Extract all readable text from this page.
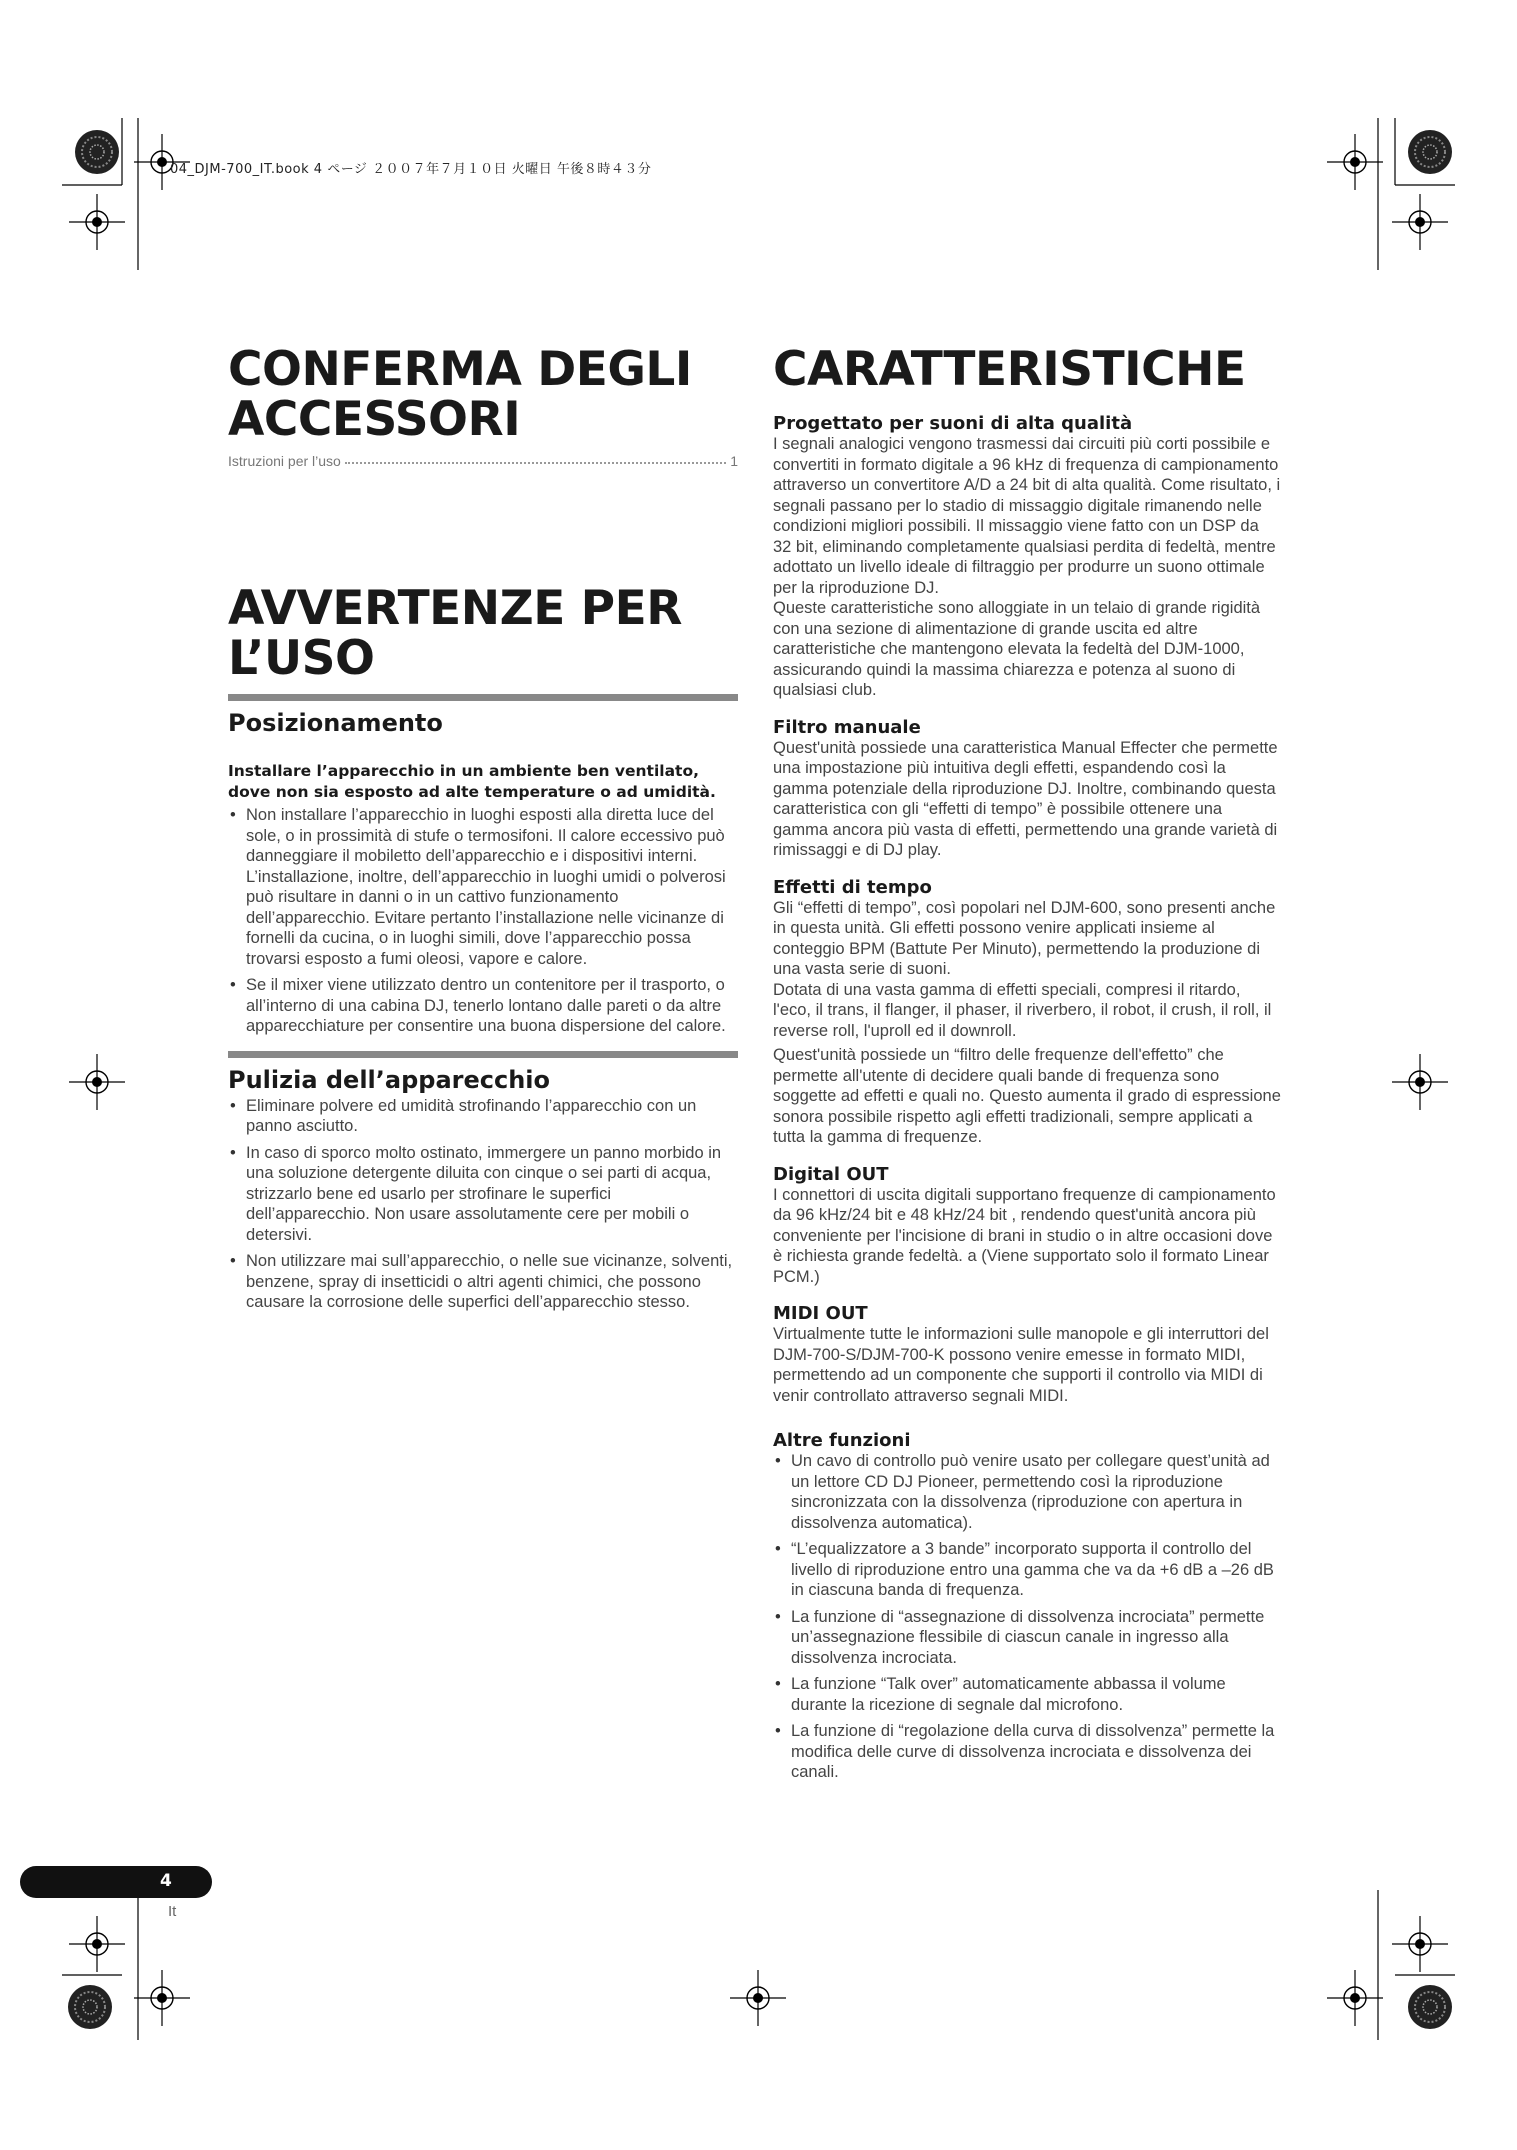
04_DJM-700_IT.book 4 ページ ２００７年７月１０日 火曜日 午後８時４３分
CONFERMA DEGLI ACCESSORI
Istruzioni per l’uso	1
AVVERTENZE PER L’USO
Posizionamento
Installare l’apparecchio in un ambiente ben ventilato, dove non sia esposto ad alte temperature o ad umidità.
• Non installare l’apparecchio in luoghi esposti alla diretta luce del sole, o in prossimità di stufe o termosifoni. Il calore eccessivo può danneggiare il mobiletto dell’apparecchio e i dispositivi interni. L’installazione, inoltre, dell’apparecchio in luoghi umidi o polverosi può risultare in danni o in un cattivo funzionamento dell’apparecchio. Evitare pertanto l’installazione nelle vicinanze di fornelli da cucina, o in luoghi simili, dove l’apparecchio possa trovarsi esposto a fumi oleosi, vapore e calore.
• Se il mixer viene utilizzato dentro un contenitore per il trasporto, o all’interno di una cabina DJ, tenerlo lontano dalle pareti o da altre apparecchiature per consentire una buona dispersione del calore.
Pulizia dell’apparecchio
• Eliminare polvere ed umidità strofinando l’apparecchio con un panno asciutto.
• In caso di sporco molto ostinato, immergere un panno morbido in una soluzione detergente diluita con cinque o sei parti di acqua, strizzarlo bene ed usarlo per strofinare le superfici dell’apparecchio. Non usare assolutamente cere per mobili o detersivi.
• Non utilizzare mai sull’apparecchio, o nelle sue vicinanze, solventi, benzene, spray di insetticidi o altri agenti chimici, che possono causare la corrosione delle superfici dell’apparecchio stesso.
CARATTERISTICHE
Progettato per suoni di alta qualità

I segnali analogici vengono trasmessi dai circuiti più corti possibile e convertiti in formato digitale a 96 kHz di frequenza di campionamento attraverso un convertitore A/D a 24 bit di alta qualità. Come risultato, i segnali passano per lo stadio di missaggio digitale rimanendo nelle condizioni migliori possibili. Il missaggio viene fatto con un DSP da 32 bit, eliminando completamente qualsiasi perdita di fedeltà, mentre adottato un livello ideale di filtraggio per produrre un suono ottimale per la riproduzione DJ.

Queste caratteristiche sono alloggiate in un telaio di grande rigidità con una sezione di alimentazione di grande uscita ed altre caratteristiche che mantengono elevata la fedeltà del DJM-1000, assicurando quindi la massima chiarezza e potenza al suono di qualsiasi club.

Filtro manuale

Quest'unità possiede una caratteristica Manual Effecter che permette una impostazione più intuitiva degli effetti, espandendo così la gamma potenziale della riproduzione DJ. Inoltre, combinando questa caratteristica con gli “effetti di tempo” è possibile ottenere una gamma ancora più vasta di effetti, permettendo una grande varietà di rimissaggi e di DJ play.

Effetti di tempo

Gli “effetti di tempo”, così popolari nel DJM-600, sono presenti anche in questa unità. Gli effetti possono venire applicati insieme al conteggio BPM (Battute Per Minuto), permettendo la produzione di una vasta serie di suoni.

Dotata di una vasta gamma di effetti speciali, compresi il ritardo, l'eco, il trans, il flanger, il phaser, il riverbero, il robot, il crush, il roll, il reverse roll, l'uproll ed il downroll.

Quest'unità possiede un “filtro delle frequenze dell'effetto” che permette all'utente di decidere quali bande di frequenza sono soggette ad effetti e quali no. Questo aumenta il grado di espressione sonora possibile rispetto agli effetti tradizionali, sempre applicati a tutta la gamma di frequenze.

Digital OUT

I connettori di uscita digitali supportano frequenze di campionamento da 96 kHz/24 bit e 48 kHz/24 bit , rendendo quest'unità ancora più conveniente per l'incisione di brani in studio o in altre occasioni dove è richiesta grande fedeltà. a (Viene supportato solo il formato Linear PCM.)

MIDI OUT

Virtualmente tutte le informazioni sulle manopole e gli interruttori del DJM-700-S/DJM-700-K possono venire emesse in formato MIDI, permettendo ad un componente che supporti il controllo via MIDI di venir controllato attraverso segnali MIDI.

Altre funzioni
• Un cavo di controllo può venire usato per collegare quest’unità ad un lettore CD DJ Pioneer, permettendo così la riproduzione sincronizzata con la dissolvenza (riproduzione con apertura in dissolvenza automatica).
• “L’equalizzatore a 3 bande” incorporato supporta il controllo del livello di riproduzione entro una gamma che va da +6 dB a –26 dB in ciascuna banda di frequenza.
• La funzione di “assegnazione di dissolvenza incrociata” permette un’assegnazione flessibile di ciascun canale in ingresso alla dissolvenza incrociata.
• La funzione “Talk over” automaticamente abbassa il volume durante la ricezione di segnale dal microfono.
• La funzione di “regolazione della curva di dissolvenza” permette la modifica delle curve di dissolvenza incrociata e dissolvenza dei canali.
4
It
